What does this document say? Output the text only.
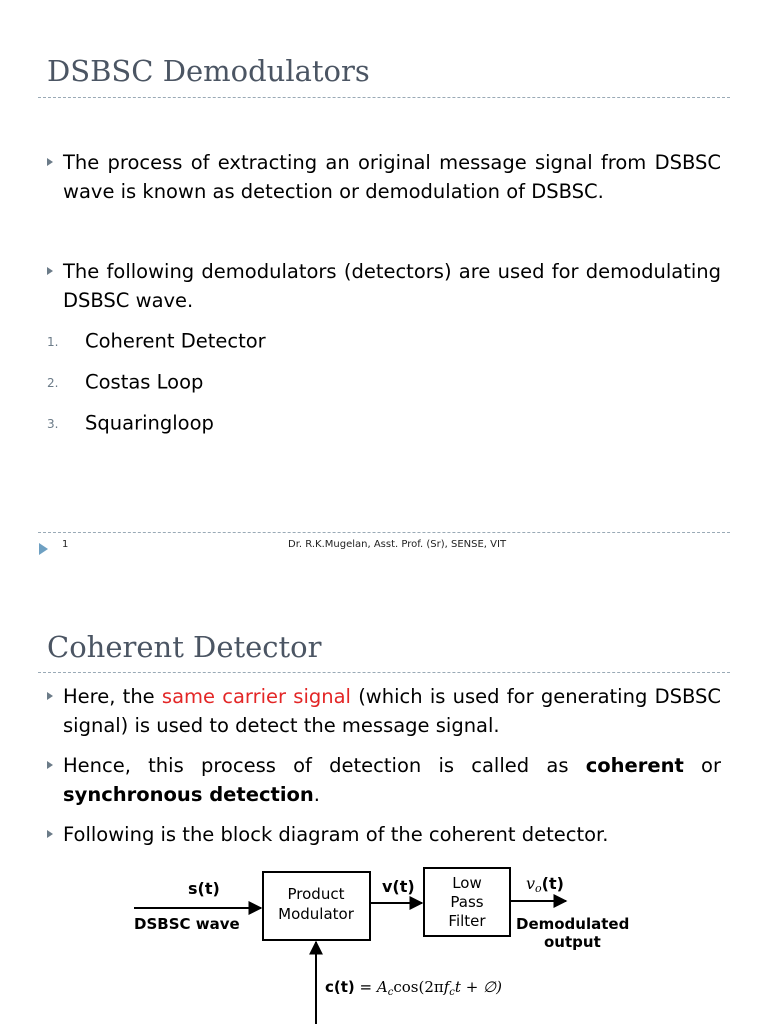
DSBSC Demodulators
The process of extracting an original message signal from DSBSC wave is known as detection or demodulation of DSBSC.
The following demodulators (detectors) are used for demodulating DSBSC wave.
1. Coherent Detector
2. Costas Loop
3. Squaringloop
1	Dr. R.K.Mugelan, Asst. Prof. (Sr), SENSE, VIT
Coherent Detector
Here, the same carrier signal (which is used for generating DSBSC signal) is used to detect the message signal.
Hence, this process of detection is called as coherent or synchronous detection.
Following is the block diagram of the coherent detector.
s(t)
DSBSC wave
Product
Modulator
v(t)	Low
Pass
Filter
vo(t)
Demodulated
output
$c(t) = A_c\cos(2\pi f_ct$ + ∅)
